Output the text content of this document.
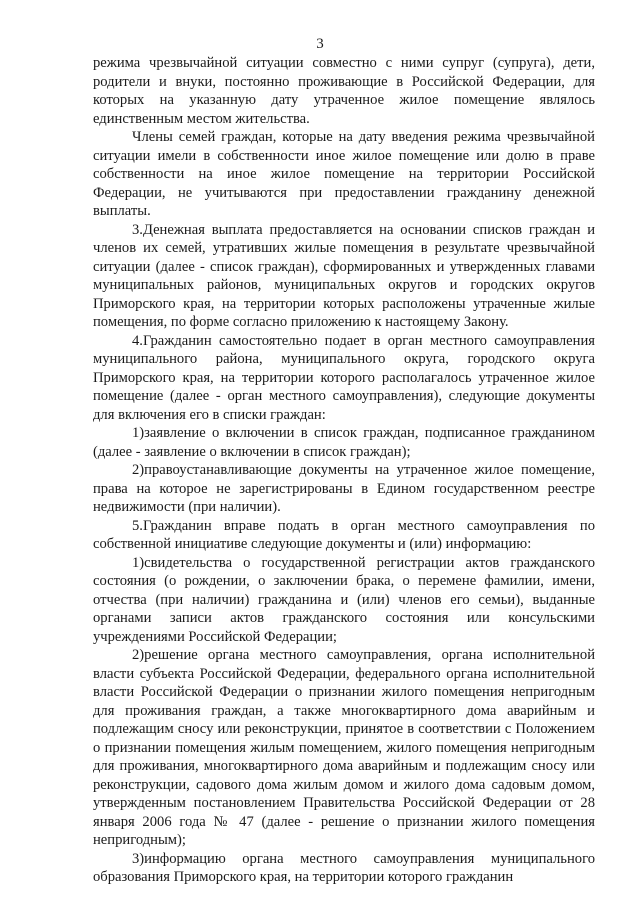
3

режима чрезвычайной ситуации совместно с ними супруг (супруга), дети, родители и внуки, постоянно проживающие в Российской Федерации, для которых на указанную дату утраченное жилое помещение являлось единственным местом жительства.

Члены семей граждан, которые на дату введения режима чрезвычайной ситуации имели в собственности иное жилое помещение или долю в праве собственности на иное жилое помещение на территории Российской Федерации, не учитываются при предоставлении гражданину денежной выплаты.

3.Денежная выплата предоставляется на основании списков граждан и членов их семей, утративших жилые помещения в результате чрезвычайной ситуации (далее - список граждан), сформированных и утвержденных главами муниципальных районов, муниципальных округов и городских округов Приморского края, на территории которых расположены утраченные жилые помещения, по форме согласно приложению к настоящему Закону.

4.Гражданин самостоятельно подает в орган местного самоуправления муниципального района, муниципального округа, городского округа Приморского края, на территории которого располагалось утраченное жилое помещение (далее - орган местного самоуправления), следующие документы для включения его в списки граждан:

1)заявление о включении в список граждан, подписанное гражданином (далее - заявление о включении в список граждан);

2)правоустанавливающие документы на утраченное жилое помещение, права на которое не зарегистрированы в Едином государственном реестре недвижимости (при наличии).

5.Гражданин вправе подать в орган местного самоуправления по собственной инициативе следующие документы и (или) информацию:

1)свидетельства о государственной регистрации актов гражданского состояния (о рождении, о заключении брака, о перемене фамилии, имени, отчества (при наличии) гражданина и (или) членов его семьи), выданные органами записи актов гражданского состояния или консульскими учреждениями Российской Федерации;

2)решение органа местного самоуправления, органа исполнительной власти субъекта Российской Федерации, федерального органа исполнительной власти Российской Федерации о признании жилого помещения непригодным для проживания граждан, а также многоквартирного дома аварийным и подлежащим сносу или реконструкции, принятое в соответствии с Положением о признании помещения жилым помещением, жилого помещения непригодным для проживания, многоквартирного дома аварийным и подлежащим сносу или реконструкции, садового дома жилым домом и жилого дома садовым домом, утвержденным постановлением Правительства Российской Федерации от 28 января 2006 года № 47 (далее - решение о признании жилого помещения непригодным);

3)информацию органа местного самоуправления муниципального образования Приморского края, на территории которого гражданин
